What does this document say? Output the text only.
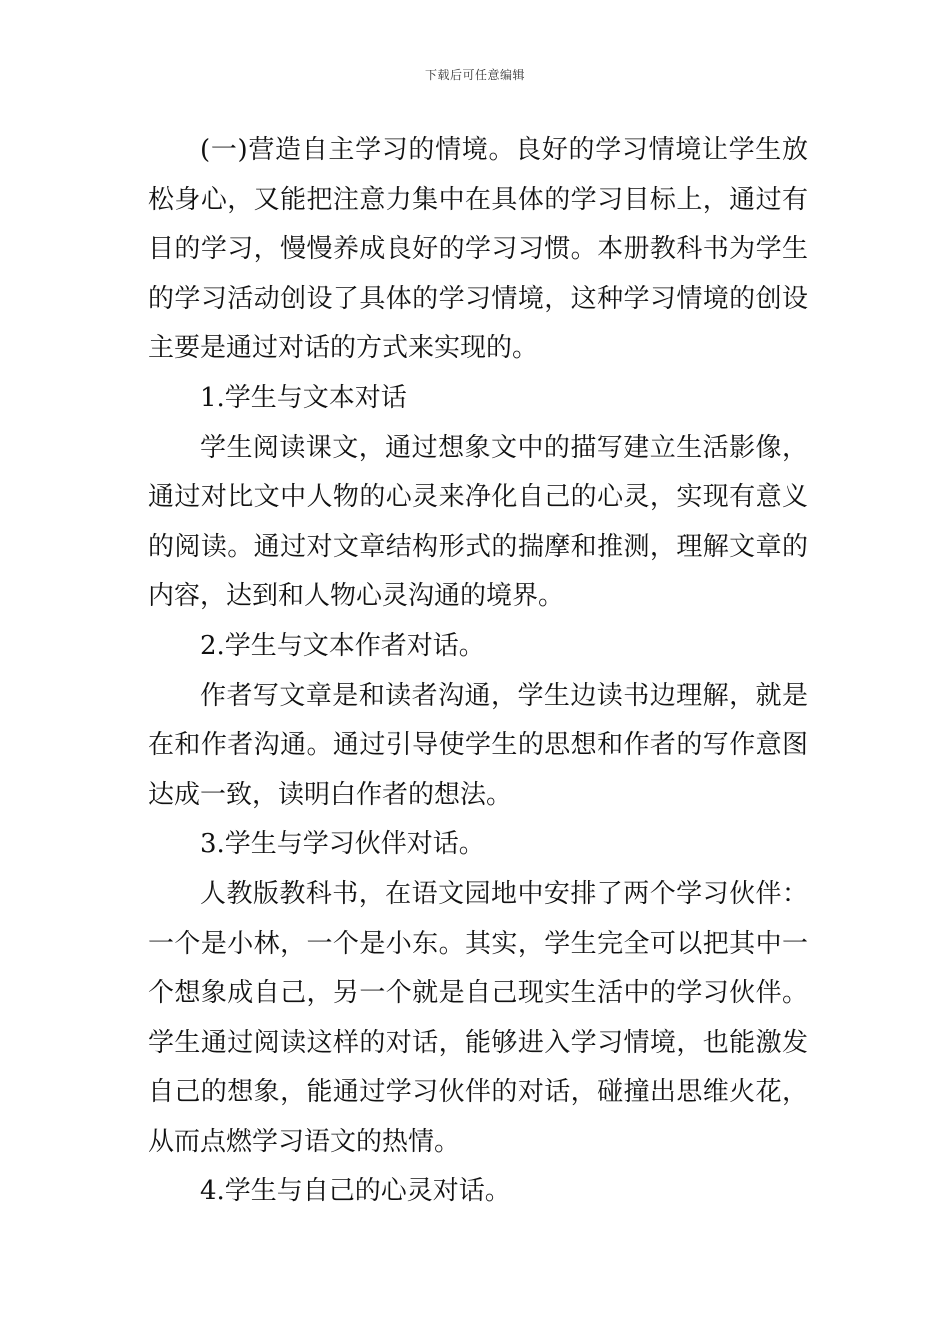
下载后可任意编辑

(一)营造自主学习的情境。良好的学习情境让学生放松身心，又能把注意力集中在具体的学习目标上，通过有目的学习，慢慢养成良好的学习习惯。本册教科书为学生的学习活动创设了具体的学习情境，这种学习情境的创设主要是通过对话的方式来实现的。

1.学生与文本对话

学生阅读课文，通过想象文中的描写建立生活影像，通过对比文中人物的心灵来净化自己的心灵，实现有意义的阅读。通过对文章结构形式的揣摩和推测，理解文章的内容，达到和人物心灵沟通的境界。

2.学生与文本作者对话。

作者写文章是和读者沟通，学生边读书边理解，就是在和作者沟通。通过引导使学生的思想和作者的写作意图达成一致，读明白作者的想法。

3.学生与学习伙伴对话。

人教版教科书，在语文园地中安排了两个学习伙伴：一个是小林，一个是小东。其实，学生完全可以把其中一个想象成自己，另一个就是自己现实生活中的学习伙伴。学生通过阅读这样的对话，能够进入学习情境，也能激发自己的想象，能通过学习伙伴的对话，碰撞出思维火花，从而点燃学习语文的热情。

4.学生与自己的心灵对话。
